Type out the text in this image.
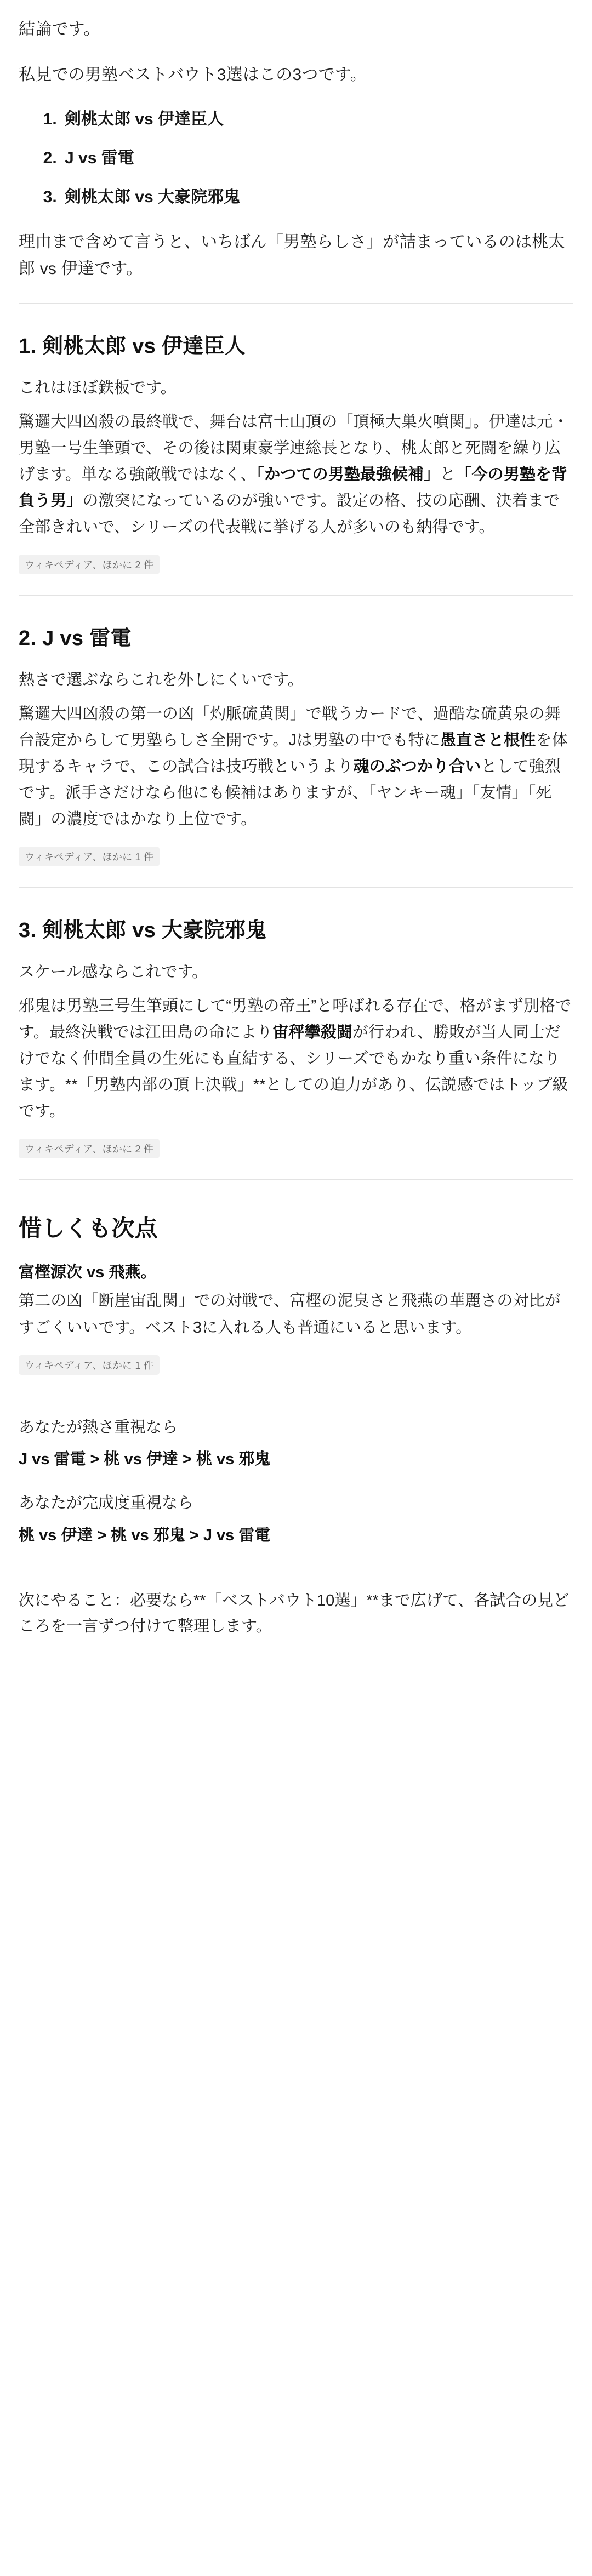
結論です。

私見での男塾ベストバウト3選はこの3つです。

1. 剣桃太郎 vs 伊達臣人
2. J vs 雷電
3. 剣桃太郎 vs 大豪院邪鬼

理由まで含めて言うと、いちばん「男塾らしさ」が詰まっているのは桃太郎 vs 伊達です。

1. 剣桃太郎 vs 伊達臣人

これはほぼ鉄板です。

驚邏大四凶殺の最終戦で、舞台は富士山頂の「頂極大巣火噴関」。伊達は元・男塾一号生筆頭で、その後は関東豪学連総長となり、桃太郎と死闘を繰り広げます。単なる強敵戦ではなく、「かつての男塾最強候補」と「今の男塾を背負う男」の激突になっているのが強いです。設定の格、技の応酬、決着まで全部きれいで、シリーズの代表戦に挙げる人が多いのも納得です。

ウィキペディア、ほかに 2 件
2. J vs 雷電

熱さで選ぶならこれを外しにくいです。

驚邏大四凶殺の第一の凶「灼脈硫黄関」で戦うカードで、過酷な硫黄泉の舞台設定からして男塾らしさ全開です。Jは男塾の中でも特に愚直さと根性を体現するキャラで、この試合は技巧戦というより魂のぶつかり合いとして強烈です。派手さだけなら他にも候補はありますが、「ヤンキー魂」「友情」「死闘」の濃度ではかなり上位です。

ウィキペディア、ほかに 1 件
3. 剣桃太郎 vs 大豪院邪鬼

スケール感ならこれです。

邪鬼は男塾三号生筆頭にして“男塾の帝王”と呼ばれる存在で、格がまず別格です。最終決戦では江田島の命により宙秤攣殺闘が行われ、勝敗が当人同士だけでなく仲間全員の生死にも直結する、シリーズでもかなり重い条件になります。**「男塾内部の頂上決戦」**としての迫力があり、伝説感ではトップ級です。

ウィキペディア、ほかに 2 件
惜しくも次点

富樫源次 vs 飛燕。

第二の凶「断崖宙乱関」での対戦で、富樫の泥臭さと飛燕の華麗さの対比がすごくいいです。ベスト3に入れる人も普通にいると思います。

ウィキペディア、ほかに 1 件

あなたが熱さ重視なら

J vs 雷電 > 桃 vs 伊達 > 桃 vs 邪鬼

あなたが完成度重視なら

桃 vs 伊達 > 桃 vs 邪鬼 > J vs 雷電

次にやること：必要なら**「ベストバウト10選」**まで広げて、各試合の見どころを一言ずつ付けて整理します。
